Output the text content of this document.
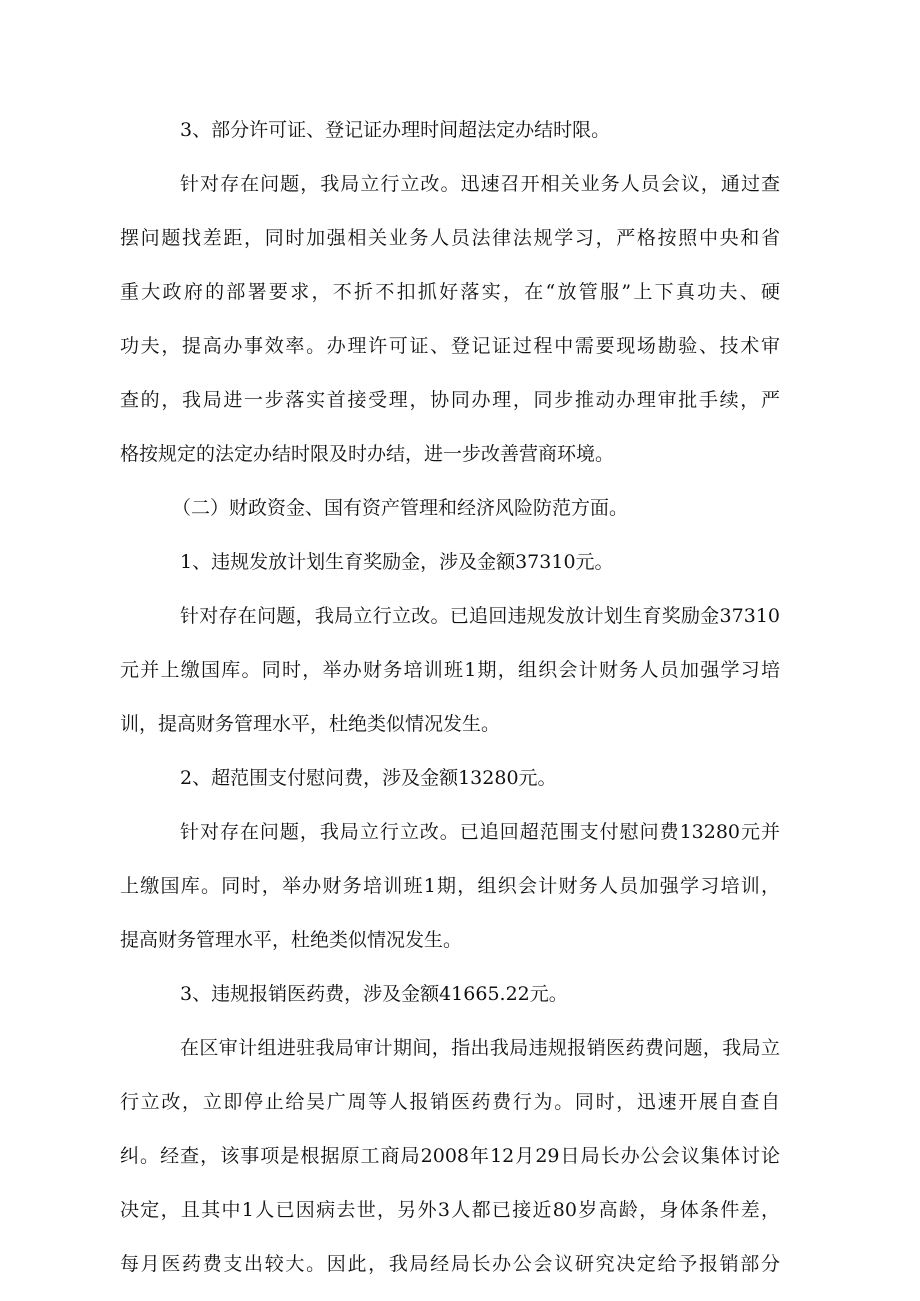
3、部分许可证、登记证办理时间超法定办结时限。
针对存在问题，我局立行立改。迅速召开相关业务人员会议，通过查
摆问题找差距，同时加强相关业务人员法律法规学习，严格按照中央和省
重大政府的部署要求，不折不扣抓好落实，在“放管服”上下真功夫、硬
功夫，提高办事效率。办理许可证、登记证过程中需要现场勘验、技术审
查的，我局进一步落实首接受理，协同办理，同步推动办理审批手续，严
格按规定的法定办结时限及时办结，进一步改善营商环境。
（二）财政资金、国有资产管理和经济风险防范方面。
1、违规发放计划生育奖励金，涉及金额37310元。
针对存在问题，我局立行立改。已追回违规发放计划生育奖励金37310
元并上缴国库。同时，举办财务培训班1期，组织会计财务人员加强学习培
训，提高财务管理水平，杜绝类似情况发生。
2、超范围支付慰问费，涉及金额13280元。
针对存在问题，我局立行立改。已追回超范围支付慰问费13280元并
上缴国库。同时，举办财务培训班1期，组织会计财务人员加强学习培训，
提高财务管理水平，杜绝类似情况发生。
3、违规报销医药费，涉及金额41665.22元。
在区审计组进驻我局审计期间，指出我局违规报销医药费问题，我局立
行立改，立即停止给吴广周等人报销医药费行为。同时，迅速开展自查自
纠。经查，该事项是根据原工商局2008年12月29日局长办公会议集体讨论
决定，且其中1人已因病去世，另外3人都已接近80岁高龄，身体条件差，
每月医药费支出较大。因此，我局经局长办公会议研究决定给予报销部分
